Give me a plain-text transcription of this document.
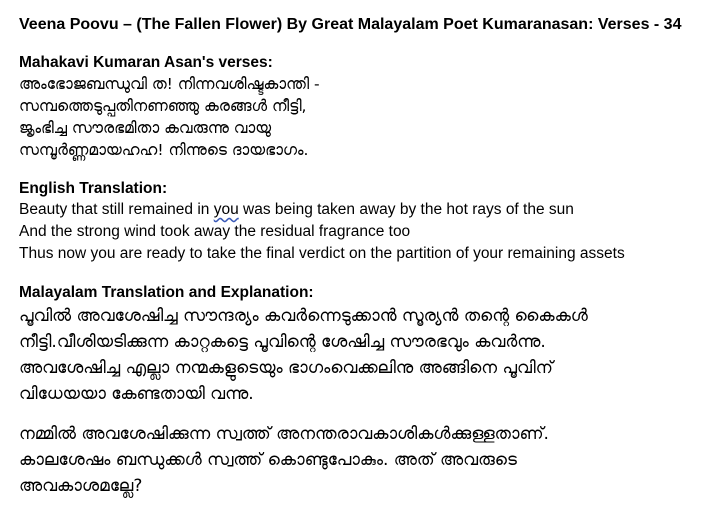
Veena Poovu – (The Fallen Flower) By Great Malayalam Poet Kumaranasan: Verses - 34
Mahakavi Kumaran Asan's verses:
അംഭോജബന്ധുവി ത! നിന്നവശിഷ്ടകാന്തി -
സമ്പത്തെടുപ്പതിനണഞ്ഞു കരങ്ങൾ നീട്ടി,
ജൃംഭിച്ച സൗരഭമിതാ കവരുന്നു വായു
സമ്പൂർണ്ണമായഹഹ! നിന്നുടെ ദായഭാഗം.
English Translation:
Beauty that still remained in you was being taken away by the hot rays of the sun
And the strong wind took away the residual fragrance too
Thus now you are ready to take the final verdict on the partition of your remaining assets
Malayalam Translation and Explanation:
പൂവിൽ അവശേഷിച്ച സൗന്ദര്യം കവർന്നെടുക്കാൻ സൂര്യൻ തന്റെ കൈകൾ
നീട്ടി.വീശിയടിക്കുന്ന കാറ്റകട്ടെ പൂവിന്റെ ശേഷിച്ച സൗരഭവും കവർന്നു.
അവശേഷിച്ച എല്ലാ നന്മകളുടെയും ഭാഗംവെക്കലിനു അങ്ങിനെ പൂവിന്
വിധേയയാ കേണ്ടതായി വന്നു.
നമ്മിൽ അവശേഷിക്കുന്ന സ്വത്ത് അനന്തരാവകാശികൾക്കുള്ളതാണ്.
കാലശേഷം ബന്ധുക്കൾ സ്വത്ത് കൊണ്ടുപോകും. അത് അവരുടെ
അവകാശമല്ലേ?
